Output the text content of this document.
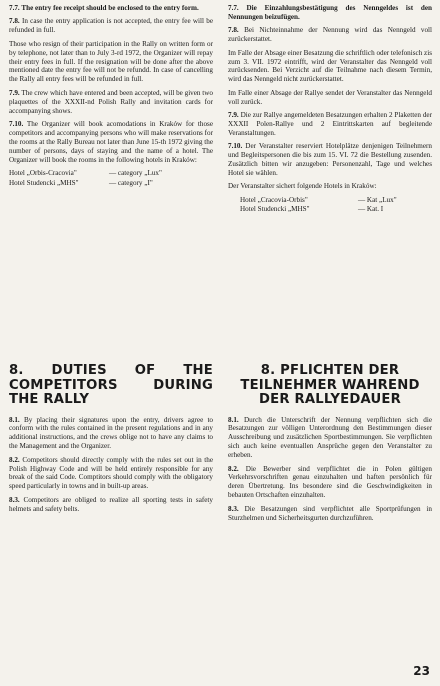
7.7. The entry fee receipt should be enclosed to the entry form.

7.8. In case the entry application is not accepted, the entry fee will be refunded in full.

Those who resign of their participation in the Rally on written form or by telephone, not later than to July 3-rd 1972, the Organizer will repay their entry fees in full. If the resignation will be done after the above mentioned date the entry fee will not be refundd. In case of cancelling the Rally all entry fees will be refunded in full.

7.9. The crew which have entered and been accepted, will be given two plaquettes of the XXXII-nd Polish Rally and invitation cards for accompanying shows.

7.10. The Organizer will book acomodations in Kraków for those competitors and accompanying persons who will make reservations for the rooms at the Rally Bureau not later than June 15-th 1972 giving the number of persons, days of staying and the name of a hotel. The Organizer will book the rooms in the following hotels in Kraków:

Hotel „Orbis-Cracovia"	— category „Lux"
Hotel Studencki „MHS"	— category „I"

7.7. Die Einzahlungsbestätigung des Nenngeldes ist den Nennungen beizufügen.

7.8. Bei Nichteinnahme der Nennung wird das Nenngeld voll zurückerstattet.

Im Falle der Absage einer Besatzung die schriftlich oder telefonisch zis zum 3. VII. 1972 eintrifft, wird der Veranstalter das Nenngeld voll zurücksenden. Bei Verzicht auf die Teilnahme nach diesem Termin, wird das Nenngeld nicht zurückerstattet.

Im Falle einer Absage der Rallye sendet der Veranstalter das Nenngeld voll zurück.

7.9. Die zur Rallye angemeldeten Besatzungen erhalten 2 Plaketten der XXXII Polen-Rallye und 2 Eintrittskarten auf begleitende Veranstaltungen.

7.10. Der Veranstalter reserviert Hotelplätze denjenigen Teilnehmern und Begleitspersonen die bis zum 15. VI. 72 die Bestellung zusenden. Zusätzlich bitten wir anzugeben: Personenzahl, Tage und welches Hotel sie wählen.

Der Veranstalter sichert folgende Hotels in Kraków:

Hotel „Cracovia-Orbis"	— Kat „Lux"
Hotel Studencki „MHS"	— Kat. I
8. DUTIES OF THE COMPETITORS DURING THE RALLY

8.1. By placing their signatures upon the entry, drivers agree to conform with the rules contained in the present regulations and in any additional instructions, and the crews oblige not to have any claims to the Management and the Organizer.

8.2. Competitors should directly comply with the rules set out in the Polish Highway Code and will be held entirely responsible for any break of the said Code. Comptitors should comply with the obligatory speed particularly in towns and in built-up areas.

8.3. Competitors are obliged to realize all sporting tests in safety helmets and safety belts.

8. PFLICHTEN DER TEILNEHMER WAHREND DER RALLYEDAUER

8.1. Durch die Unterschrift der Nennung verpflichten sich die Besatzungen zur völligen Unterordnung den Bestimmungen dieser Ausschreibung und zusätzlichen Sportbestimmungen. Sie verpflichten sich auch keine eventuallen Ansprüche gegen den Veranstalter zu erheben.

8.2. Die Bewerber sind verpflichtet die in Polen gültigen Verkehrsvorschriften genau einzuhalten und haften persönlich für deren Übertretung. Ins besondere sind die Geschwindigkeiten in bebauten Ortschaften einzuhalten.

8.3. Die Besatzungen sind verpflichtet alle Sportprüfungen in Sturzhelmen und Sicherheitsgurten durchzuführen.

23
